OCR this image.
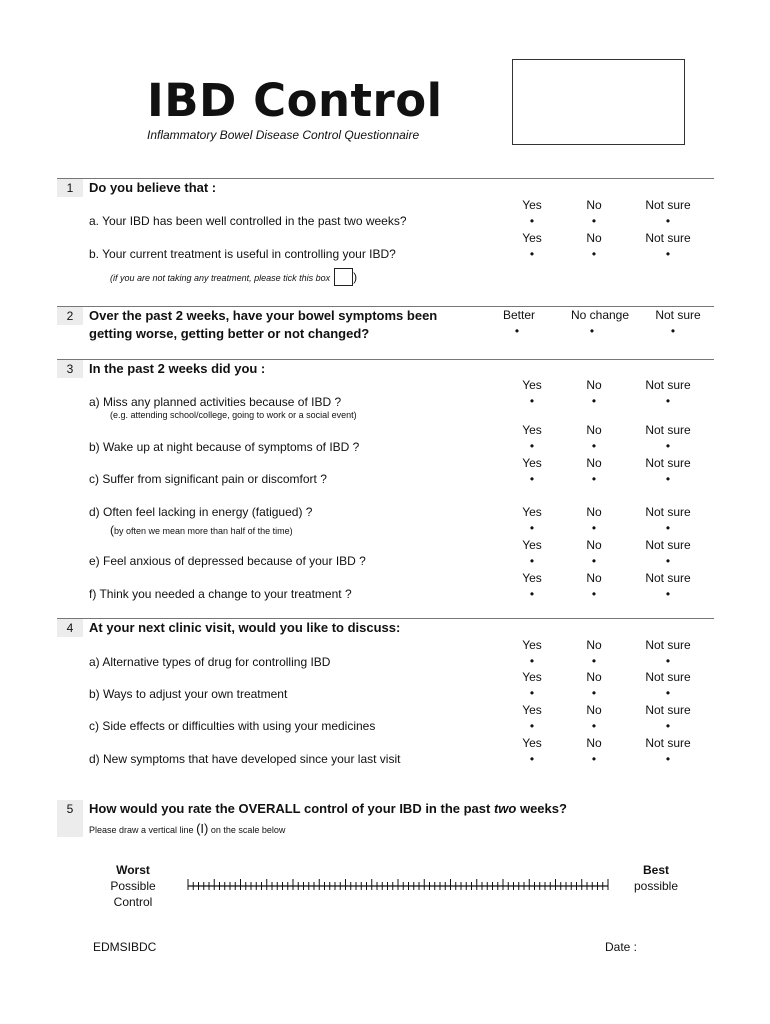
IBD Control
Inflammatory Bowel Disease Control Questionnaire
1	Do you believe that :
a. Your IBD has been well controlled in the past two weeks?
Yes	No	Not sure
•	•	•
b. Your current treatment is useful in controlling your IBD?
Yes	No	Not sure
•	•	•
(if you are not taking any treatment, please tick this box )
2	Over the past 2 weeks, have your bowel symptoms been
getting worse, getting better or not changed?
Better	No change	Not sure
•	•	•
3	In the past 2 weeks did you :
a) Miss any planned activities because of IBD ?
(e.g. attending school/college, going to work or a social event)
Yes	No	Not sure
•	•	•
b) Wake up at night because of symptoms of IBD ?
Yes	No	Not sure
•	•	•
c) Suffer from significant pain or discomfort ?
Yes	No	Not sure
•	•	•
d) Often feel lacking in energy (fatigued) ?
(by often we mean more than half of the time)
Yes	No	Not sure
•	•	•
e) Feel anxious of depressed because of your IBD ?
Yes	No	Not sure
•	•	•
f) Think you needed a change to your treatment ?
Yes	No	Not sure
•	•	•
4	At your next clinic visit, would you like to discuss:
a) Alternative types of drug for controlling IBD
Yes	No	Not sure
•	•	•
b) Ways to adjust your own treatment
Yes	No	Not sure
•	•	•
c) Side effects or difficulties with using your medicines
Yes	No	Not sure
•	•	•
d) New symptoms that have developed since your last visit
Yes	No	Not sure
•	•	•
5	How would you rate the OVERALL control of your IBD in the past two weeks?
Please draw a vertical line (I) on the scale below
Worst
Possible
Control
Best
possible
EDMSIBDC	Date :
